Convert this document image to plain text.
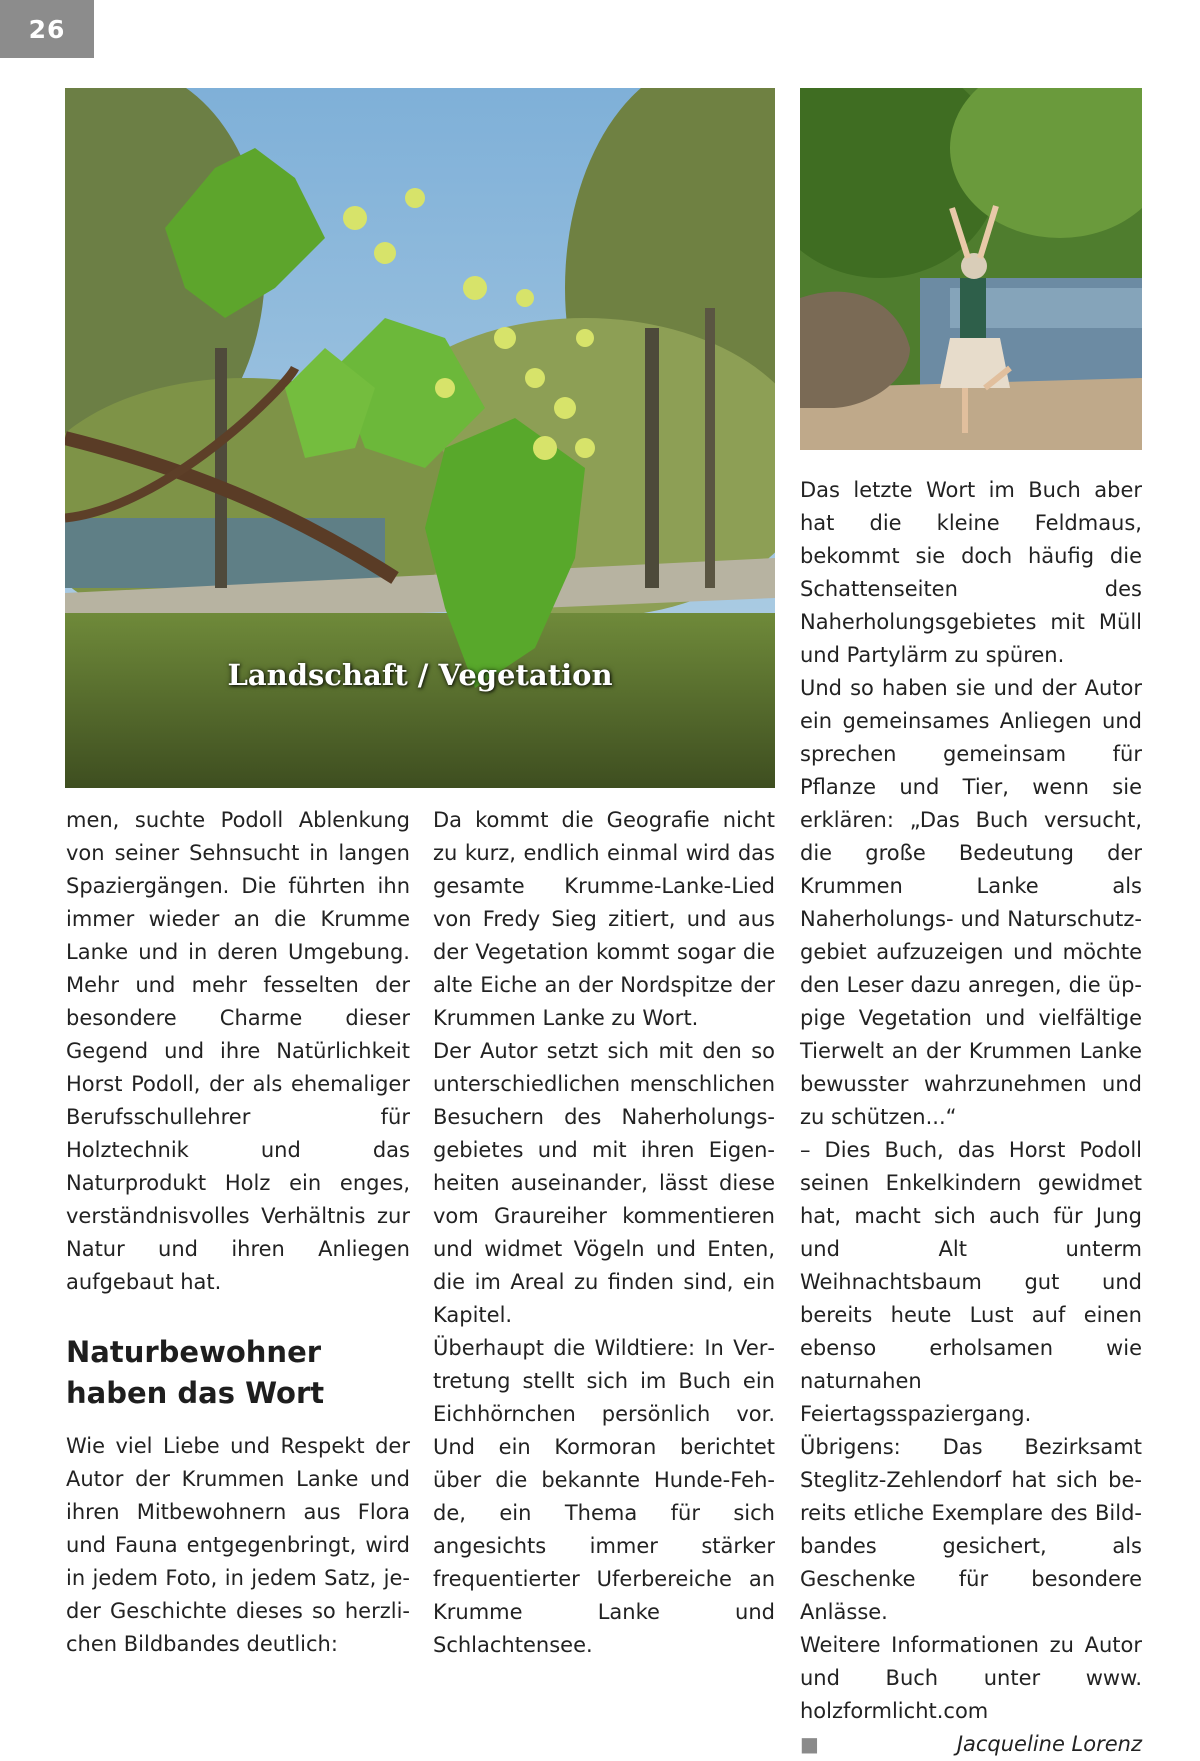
26
Landschaft / Vegetation

men, suchte Podoll Ablenkung von seiner Sehnsucht in langen Spaziergängen. Die führten ihn immer wieder an die Krumme Lanke und in deren Umgebung. Mehr und mehr fesselten der besondere Charme dieser Gegend und ihre Natürlichkeit Horst Podoll, der als ehemaliger Berufsschullehrer für Holztechnik und das Naturprodukt Holz ein enges, verständnisvolles Verhältnis zur Natur und ihren Anliegen aufgebaut hat.

Naturbewohner haben das Wort

Wie viel Liebe und Respekt der Autor der Krummen Lanke und ihren Mitbewohnern aus Flora und Fauna entgegenbringt, wird in jedem Foto, in jedem Satz, jeder Geschichte dieses so herzlichen Bildbandes deutlich:

Da kommt die Geografie nicht zu kurz, endlich einmal wird das gesamte Krumme-Lanke-Lied von Fredy Sieg zitiert, und aus der Vegetation kommt sogar die alte Eiche an der Nordspitze der Krummen Lanke zu Wort.

Der Autor setzt sich mit den so unterschiedlichen menschlichen Besuchern des Naherholungsgebietes und mit ihren Eigenheiten auseinander, lässt diese vom Graureiher kommentieren und widmet Vögeln und Enten, die im Areal zu finden sind, ein Kapitel.

Überhaupt die Wildtiere: In Vertretung stellt sich im Buch ein Eichhörnchen persönlich vor. Und ein Kormoran berichtet über die bekannte Hunde-Fehde, ein Thema für sich angesichts immer stärker frequentierter Uferbereiche an Krumme Lanke und Schlachtensee.

Das letzte Wort im Buch aber hat die kleine Feldmaus, bekommt sie doch häufig die Schattenseiten des Naherholungsgebietes mit Müll und Partylärm zu spüren.

Und so haben sie und der Autor ein gemeinsames Anliegen und sprechen gemeinsam für Pflanze und Tier, wenn sie erklären: „Das Buch versucht, die große Bedeutung der Krummen Lanke als Naherholungs- und Naturschutzgebiet aufzuzeigen und möchte den Leser dazu anregen, die üppige Vegetation und vielfältige Tierwelt an der Krummen Lanke bewusster wahrzunehmen und zu schützen...“

– Dies Buch, das Horst Podoll seinen Enkelkindern gewidmet hat, macht sich auch für Jung und Alt unterm Weihnachtsbaum gut und bereits heute Lust auf einen ebenso erholsamen wie naturnahen Feiertagsspaziergang.

Übrigens: Das Bezirksamt Steglitz-Zehlendorf hat sich bereits etliche Exemplare des Bildbandes gesichert, als Geschenke für besondere Anlässe.

Weitere Informationen zu Autor und Buch unter www. holzformlicht.com
■	Jacqueline Lorenz
